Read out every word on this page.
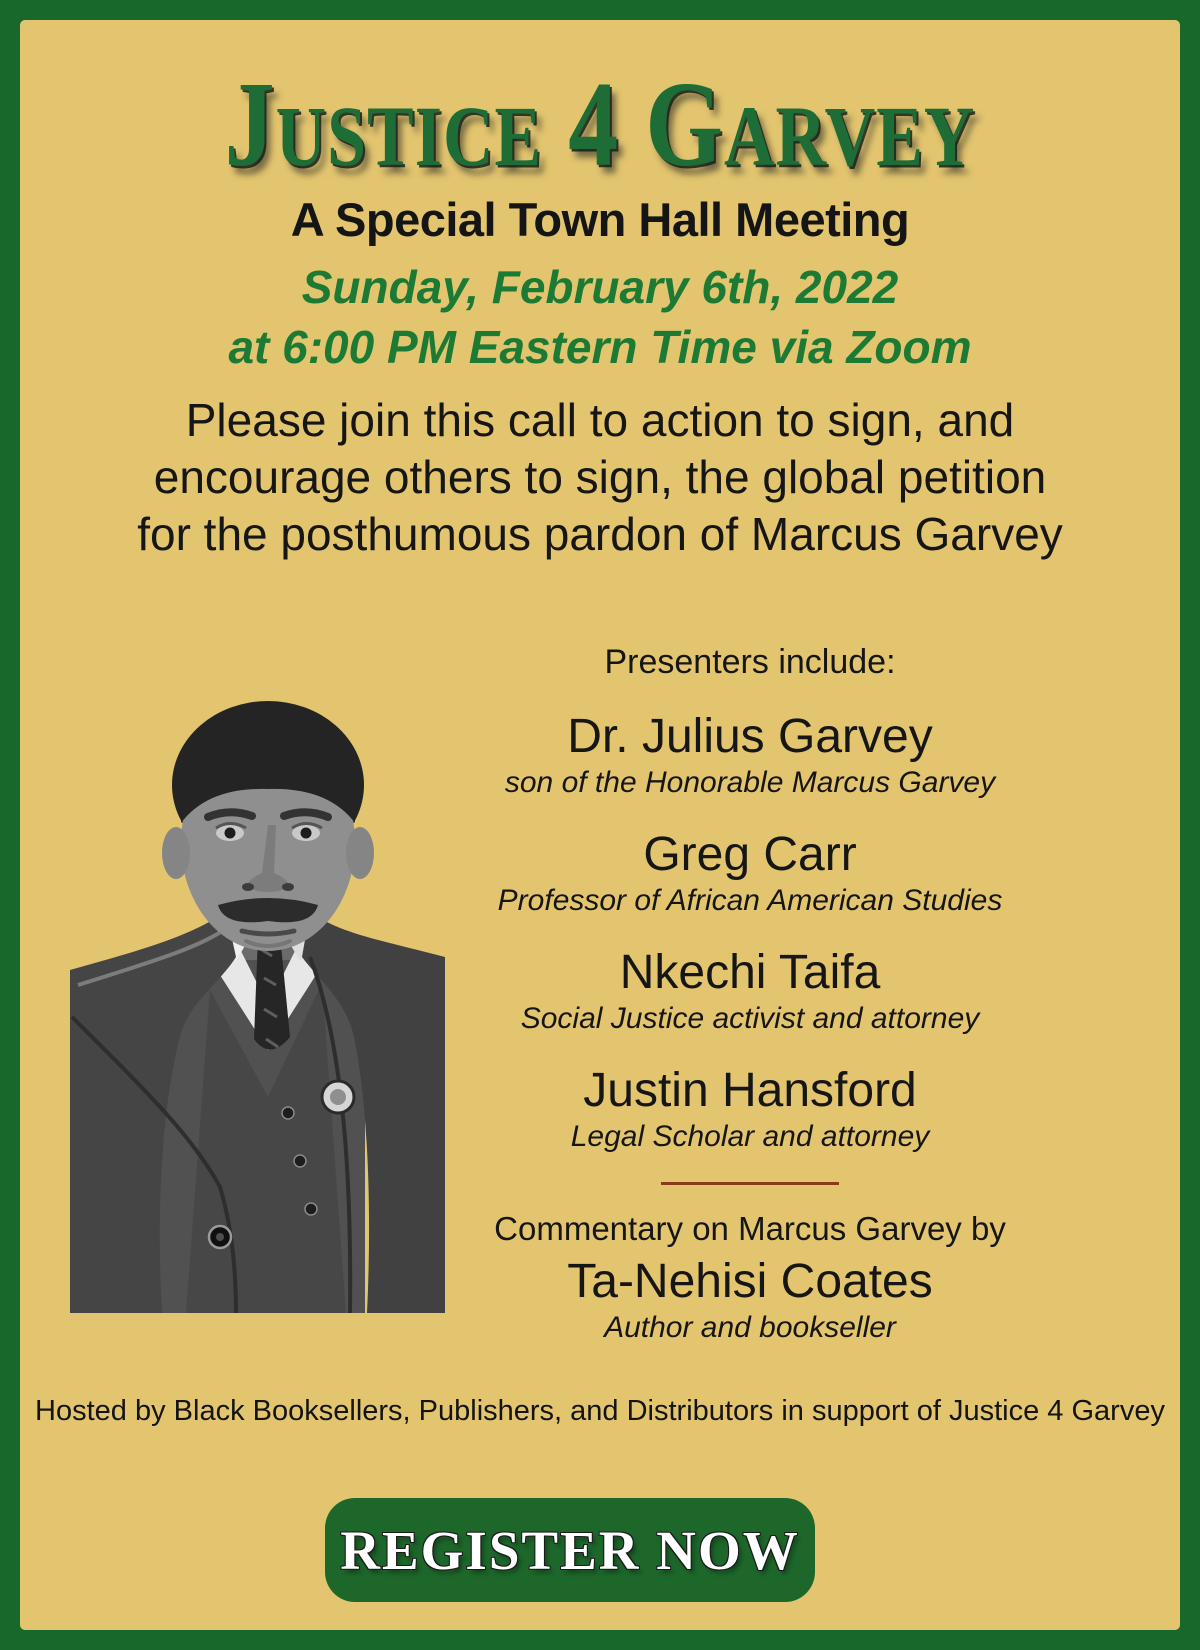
Justice 4 Garvey
A Special Town Hall Meeting
Sunday, February 6th, 2022
at 6:00 PM Eastern Time via Zoom
Please join this call to action to sign, and
encourage others to sign, the global petition
for the posthumous pardon of Marcus Garvey
Presenters include:
Dr. Julius Garvey
son of the Honorable Marcus Garvey
Greg Carr
Professor of African American Studies
Nkechi Taifa
Social Justice activist and attorney
Justin Hansford
Legal Scholar and attorney
Commentary on Marcus Garvey by
Ta-Nehisi Coates
Author and bookseller
Hosted by Black Booksellers, Publishers, and Distributors in support of Justice 4 Garvey
REGISTER NOW
